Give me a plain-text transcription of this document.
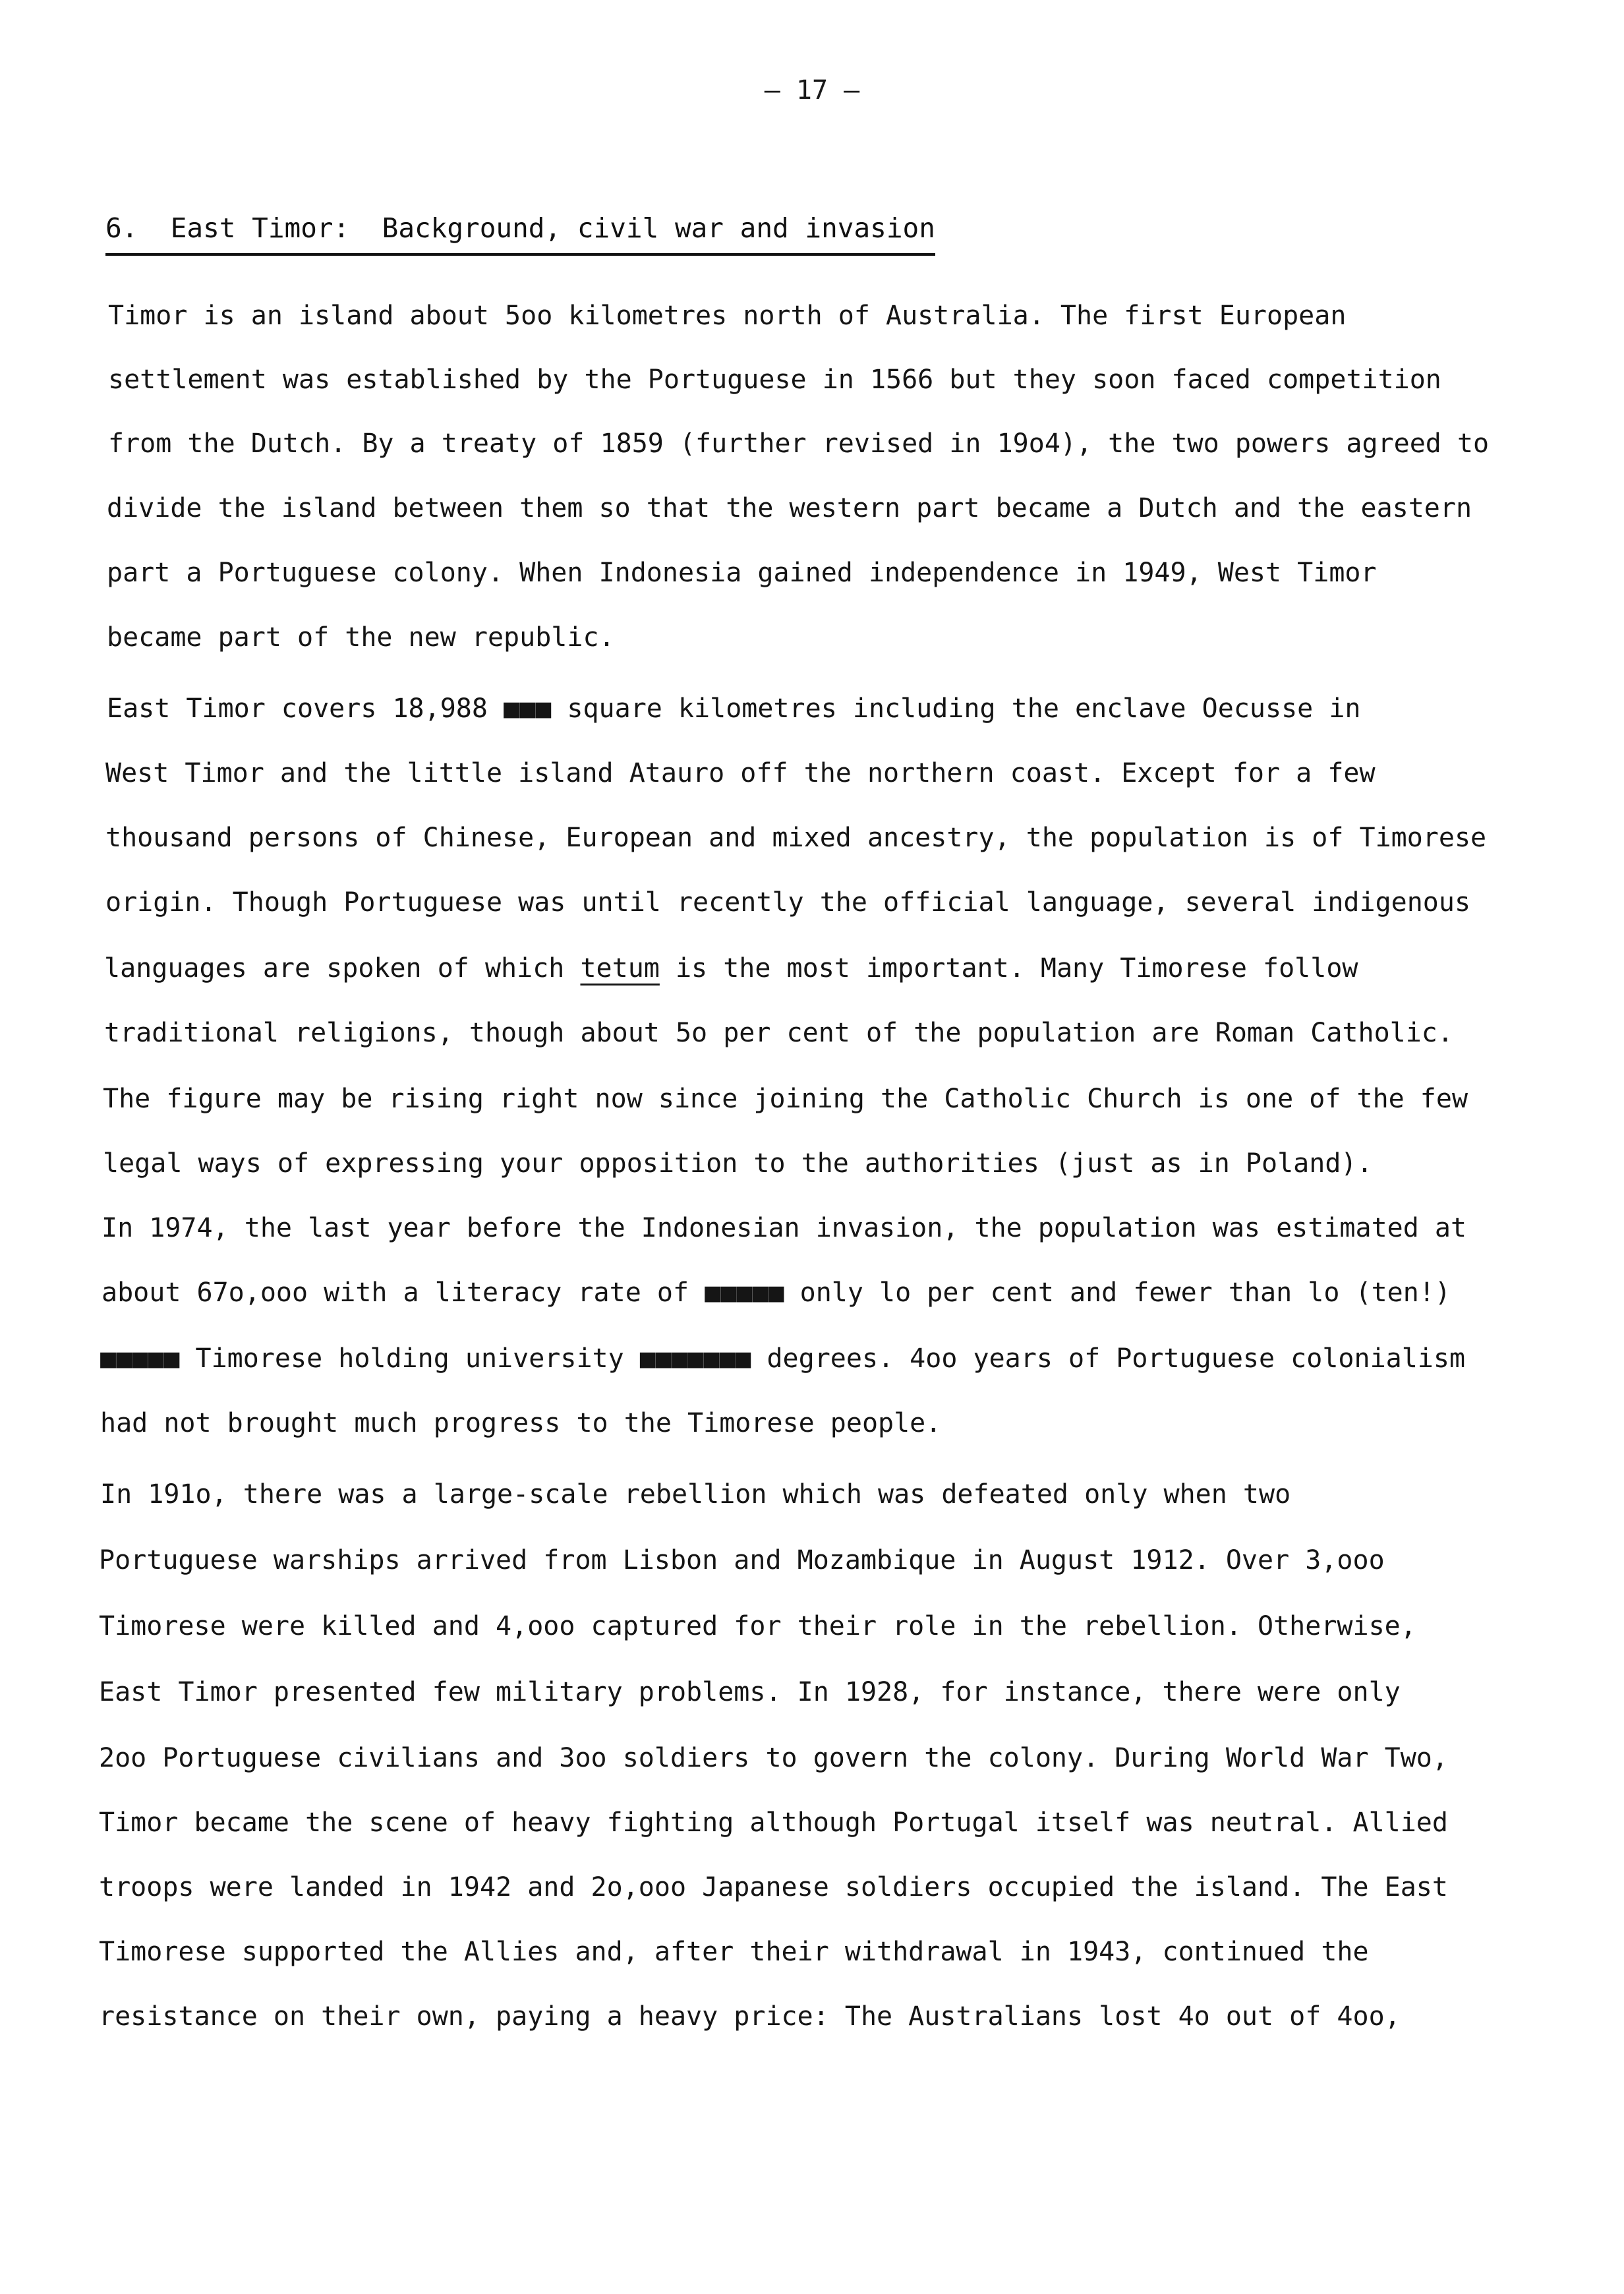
— 17 —
6.  East Timor:  Background, civil war and invasion
Timor is an island about 5oo kilometres north of Australia. The first European
settlement was established by the Portuguese in 1566 but they soon faced competition
from the Dutch. By a treaty of 1859 (further revised in 19o4), the two powers agreed to
divide the island between them so that the western part became a Dutch and the eastern
part a Portuguese colony. When Indonesia gained independence in 1949, West Timor
became part of the new republic.
East Timor covers 18,988 ■■■ square kilometres including the enclave Oecusse in
West Timor and the little island Atauro off the northern coast. Except for a few
thousand persons of Chinese, European and mixed ancestry, the population is of Timorese
origin. Though Portuguese was until recently the official language, several indigenous
languages are spoken of which tetum is the most important. Many Timorese follow
traditional religions, though about 5o per cent of the population are Roman Catholic.
The figure may be rising right now since joining the Catholic Church is one of the few
legal ways of expressing your opposition to the authorities (just as in Poland).
In 1974, the last year before the Indonesian invasion, the population was estimated at
about 67o,ooo with a literacy rate of ■■■■■ only lo per cent and fewer than lo (ten!)
■■■■■ Timorese holding university ■■■■■■■ degrees. 4oo years of Portuguese colonialism
had not brought much progress to the Timorese people.
In 191o, there was a large-scale rebellion which was defeated only when two
Portuguese warships arrived from Lisbon and Mozambique in August 1912. Over 3,ooo
Timorese were killed and 4,ooo captured for their role in the rebellion. Otherwise,
East Timor presented few military problems. In 1928, for instance, there were only
2oo Portuguese civilians and 3oo soldiers to govern the colony. During World War Two,
Timor became the scene of heavy fighting although Portugal itself was neutral. Allied
troops were landed in 1942 and 2o,ooo Japanese soldiers occupied the island. The East
Timorese supported the Allies and, after their withdrawal in 1943, continued the
resistance on their own, paying a heavy price: The Australians lost 4o out of 4oo,
